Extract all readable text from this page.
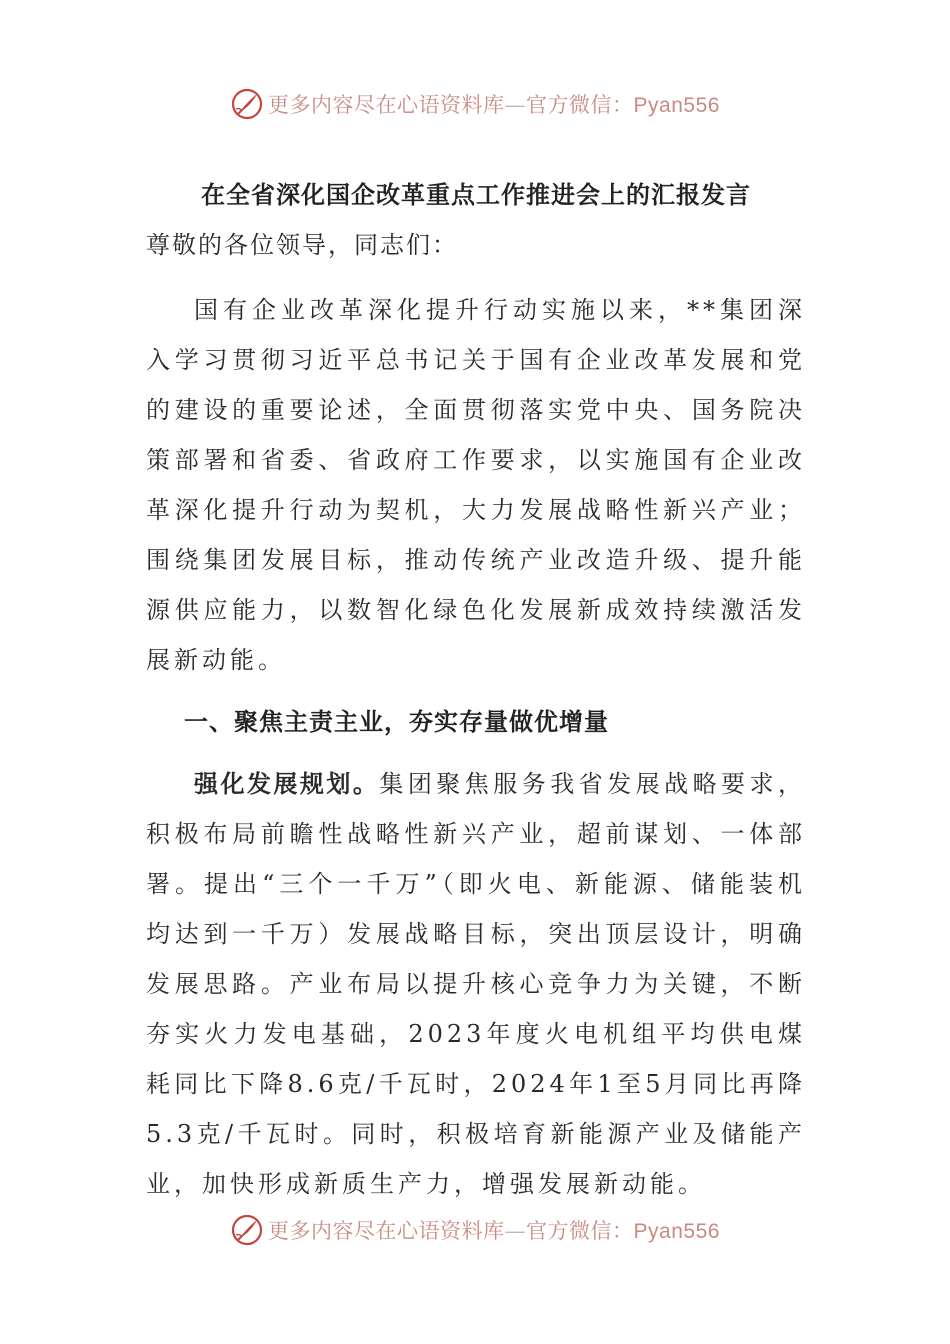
更多内容尽在心语资料库—官方微信：Pyan556
在全省深化国企改革重点工作推进会上的汇报发言

尊敬的各位领导，同志们：

国有企业改革深化提升行动实施以来，**集团深入学习贯彻习近平总书记关于国有企业改革发展和党的建设的重要论述，全面贯彻落实党中央、国务院决策部署和省委、省政府工作要求，以实施国有企业改革深化提升行动为契机，大力发展战略性新兴产业；围绕集团发展目标，推动传统产业改造升级、提升能源供应能力，以数智化绿色化发展新成效持续激活发展新动能。

一、聚焦主责主业，夯实存量做优增量

强化发展规划。集团聚焦服务我省发展战略要求，积极布局前瞻性战略性新兴产业，超前谋划、一体部署。提出“三个一千万”（即火电、新能源、储能装机均达到一千万）发展战略目标，突出顶层设计，明确发展思路。产业布局以提升核心竞争力为关键，不断夯实火力发电基础，2023年度火电机组平均供电煤耗同比下降8.6克/千瓦时，2024年1至5月同比再降5.3克/千瓦时。同时，积极培育新能源产业及储能产业，加快形成新质生产力，增强发展新动能。

更多内容尽在心语资料库—官方微信：Pyan556
